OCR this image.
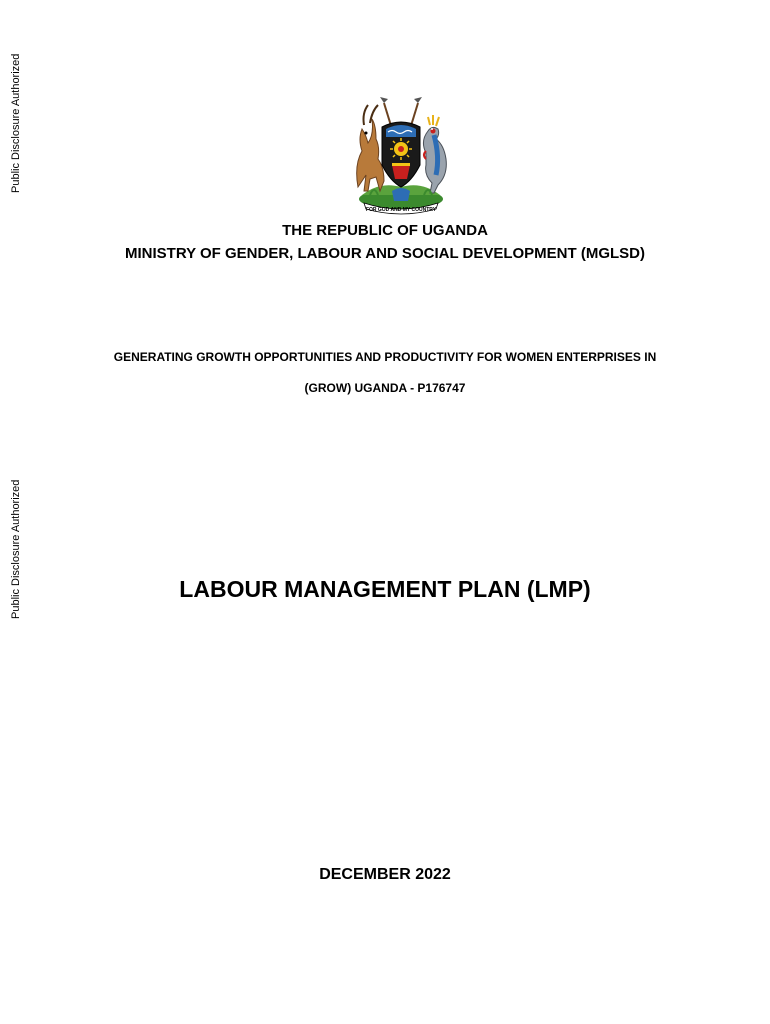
Public Disclosure Authorized
Public Disclosure Authorized
FOR GOD AND MY COUNTRY
THE REPUBLIC OF UGANDA
MINISTRY OF GENDER, LABOUR AND SOCIAL DEVELOPMENT (MGLSD)
GENERATING GROWTH OPPORTUNITIES AND PRODUCTIVITY FOR WOMEN ENTERPRISES IN
(GROW) UGANDA - P176747
LABOUR MANAGEMENT PLAN (LMP)
DECEMBER 2022
